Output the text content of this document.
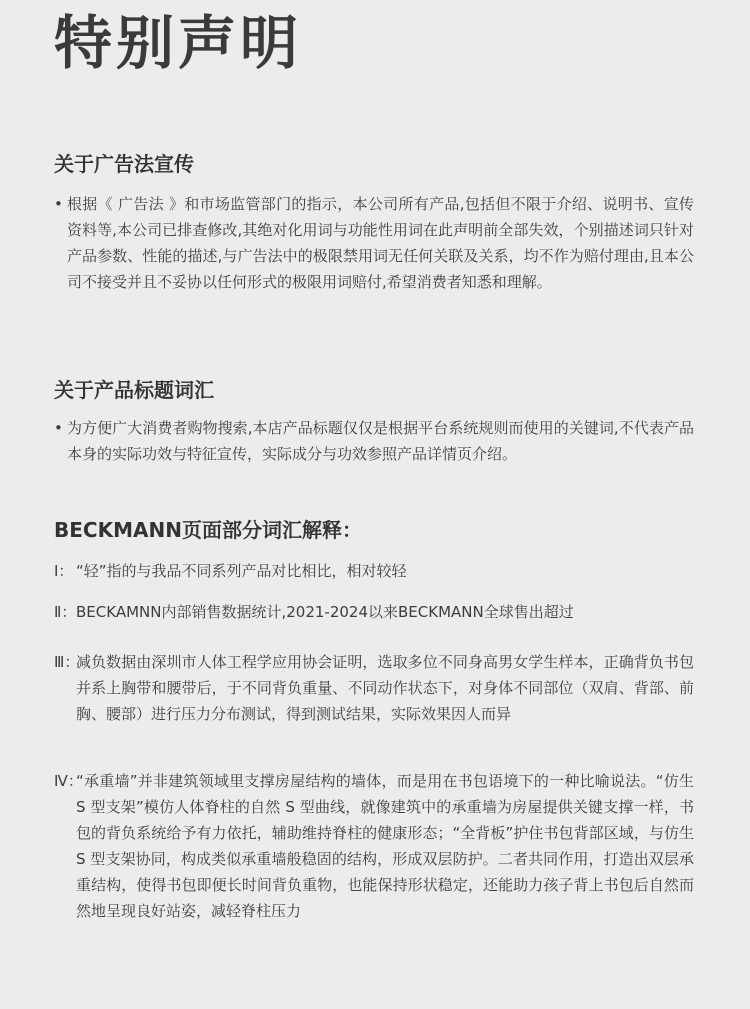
特别声明
关于广告法宣传
• 根据《 广告法 》和市场监管部门的指示，本公司所有产品,包括但不限于介绍、说明书、宣传资料等,本公司已排查修改,其绝对化用词与功能性用词在此声明前全部失效，个别描述词只针对产品参数、性能的描述,与广告法中的极限禁用词无任何关联及关系，均不作为赔付理由,且本公司不接受并且不妥协以任何形式的极限用词赔付,希望消费者知悉和理解。
关于产品标题词汇
• 为方便广大消费者购物搜索,本店产品标题仅仅是根据平台系统规则而使用的关键词,不代表产品本身的实际功效与特征宣传，实际成分与功效参照产品详情页介绍。
BECKMANN页面部分词汇解释：
Ⅰ： “轻”指的与我品不同系列产品对比相比，相对较轻
Ⅱ： BECKAMNN内部销售数据统计,2021-2024以来BECKMANN全球售出超过
Ⅲ：
减负数据由深圳市人体工程学应用协会证明，选取多位不同身高男女学生样本，正确背负书包并系上胸带和腰带后，于不同背负重量、不同动作状态下，对身体不同部位（双肩、背部、前胸、腰部）进行压力分布测试，得到测试结果，实际效果因人而异
Ⅳ：
“承重墙”并非建筑领域里支撑房屋结构的墙体，而是用在书包语境下的一种比喻说法。“仿生 S 型支架”模仿人体脊柱的自然 S 型曲线，就像建筑中的承重墙为房屋提供关键支撑一样，书包的背负系统给予有力依托，辅助维持脊柱的健康形态；“全背板”护住书包背部区域，与仿生 S 型支架协同，构成类似承重墙般稳固的结构，形成双层防护。二者共同作用，打造出双层承重结构，使得书包即便长时间背负重物，也能保持形状稳定，还能助力孩子背上书包后自然而然地呈现良好站姿，减轻脊柱压力
